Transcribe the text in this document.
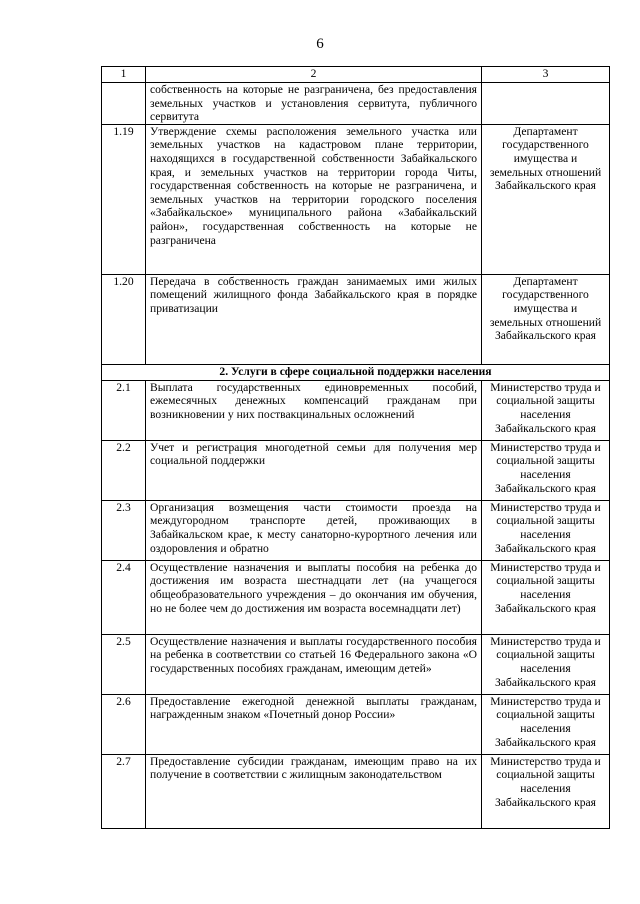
6
1	2	3
	собственность на которые не разграничена, без предоставления земельных участков и установления сервитута, публичного сервитута	
1.19	Утверждение схемы расположения земельного участка или земельных участков на кадастровом плане территории, находящихся в государственной собственности Забайкальского края, и земельных участков на территории города Читы, государственная собственность на которые не разграничена, и земельных участков на территории городского поселения «Забайкальское» муниципального района «Забайкальский район», государственная собственность на которые не разграничена	Департамент государственного имущества и земельных отношений Забайкальского края
1.20	Передача в собственность граждан занимаемых ими жилых помещений жилищного фонда Забайкальского края в порядке приватизации	Департамент государственного имущества и земельных отношений Забайкальского края
2. Услуги в сфере социальной поддержки населения		
2.1	Выплата государственных единовременных пособий, ежемесячных денежных компенсаций гражданам при возникновении у них поствакцинальных осложнений	Министерство труда и социальной защиты населения Забайкальского края
2.2	Учет и регистрация многодетной семьи для получения мер социальной поддержки	Министерство труда и социальной защиты населения Забайкальского края
2.3	Организация возмещения части стоимости проезда на междугородном транспорте детей, проживающих в Забайкальском крае, к месту санаторно-курортного лечения или оздоровления и обратно	Министерство труда и социальной защиты населения Забайкальского края
2.4	Осуществление назначения и выплаты пособия на ребенка до достижения им возраста шестнадцати лет (на учащегося общеобразовательного учреждения – до окончания им обучения, но не более чем до достижения им возраста восемнадцати лет)	Министерство труда и социальной защиты населения Забайкальского края
2.5	Осуществление назначения и выплаты государственного пособия на ребенка в соответствии со статьей 16 Федерального закона «О государственных пособиях гражданам, имеющим детей»	Министерство труда и социальной защиты населения Забайкальского края
2.6	Предоставление ежегодной денежной выплаты гражданам, награжденным знаком «Почетный донор России»	Министерство труда и социальной защиты населения Забайкальского края
2.7	Предоставление субсидии гражданам, имеющим право на их получение в соответствии с жилищным законодательством	Министерство труда и социальной защиты населения Забайкальского края
